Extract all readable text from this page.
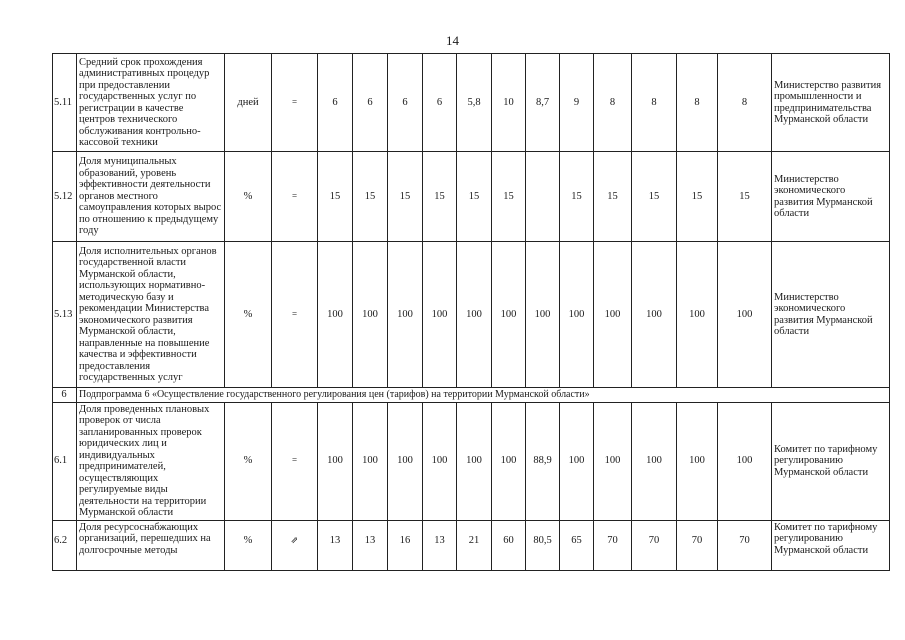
14
5.11	Средний срок прохождения административных процедур при предоставлении государственных услуг по регистрации в качестве центров технического обслуживания контрольно-кассовой техники	дней	=	6	6	6	6	5,8	10	8,7	9	8	8	8	8	Министерство развития промышленности и предпринимательства Мурманской области
5.12	Доля муниципальных образований, уровень эффективности деятельности органов местного самоуправления которых вырос по отношению к предыдущему году	%	=	15	15	15	15	15	15		15	15	15	15	15	Министерство экономического развития Мурманской области
5.13	Доля исполнительных органов государственной власти Мурманской области, использующих нормативно-методическую базу и рекомендации Министерства экономического развития Мурманской области, направленные на повышение качества и эффективности предоставления государственных услуг	%	=	100	100	100	100	100	100	100	100	100	100	100	100	Министерство экономического развития Мурманской области
6	Подпрограмма 6 «Осуществление государственного регулирования цен (тарифов) на территории Мурманской области»															
6.1	Доля проведенных плановых проверок от числа запланированных проверок юридических лиц и индивидуальных предпринимателей, осуществляющих регулируемые виды деятельности на территории Мурманской области	%	=	100	100	100	100	100	100	88,9	100	100	100	100	100	Комитет по тарифному регулированию Мурманской области
6.2	Доля ресурсоснабжающих организаций, перешедших на долгосрочные методы	%	⇗	13	13	16	13	21	60	80,5	65	70	70	70	70	Комитет по тарифному регулированию Мурманской области
